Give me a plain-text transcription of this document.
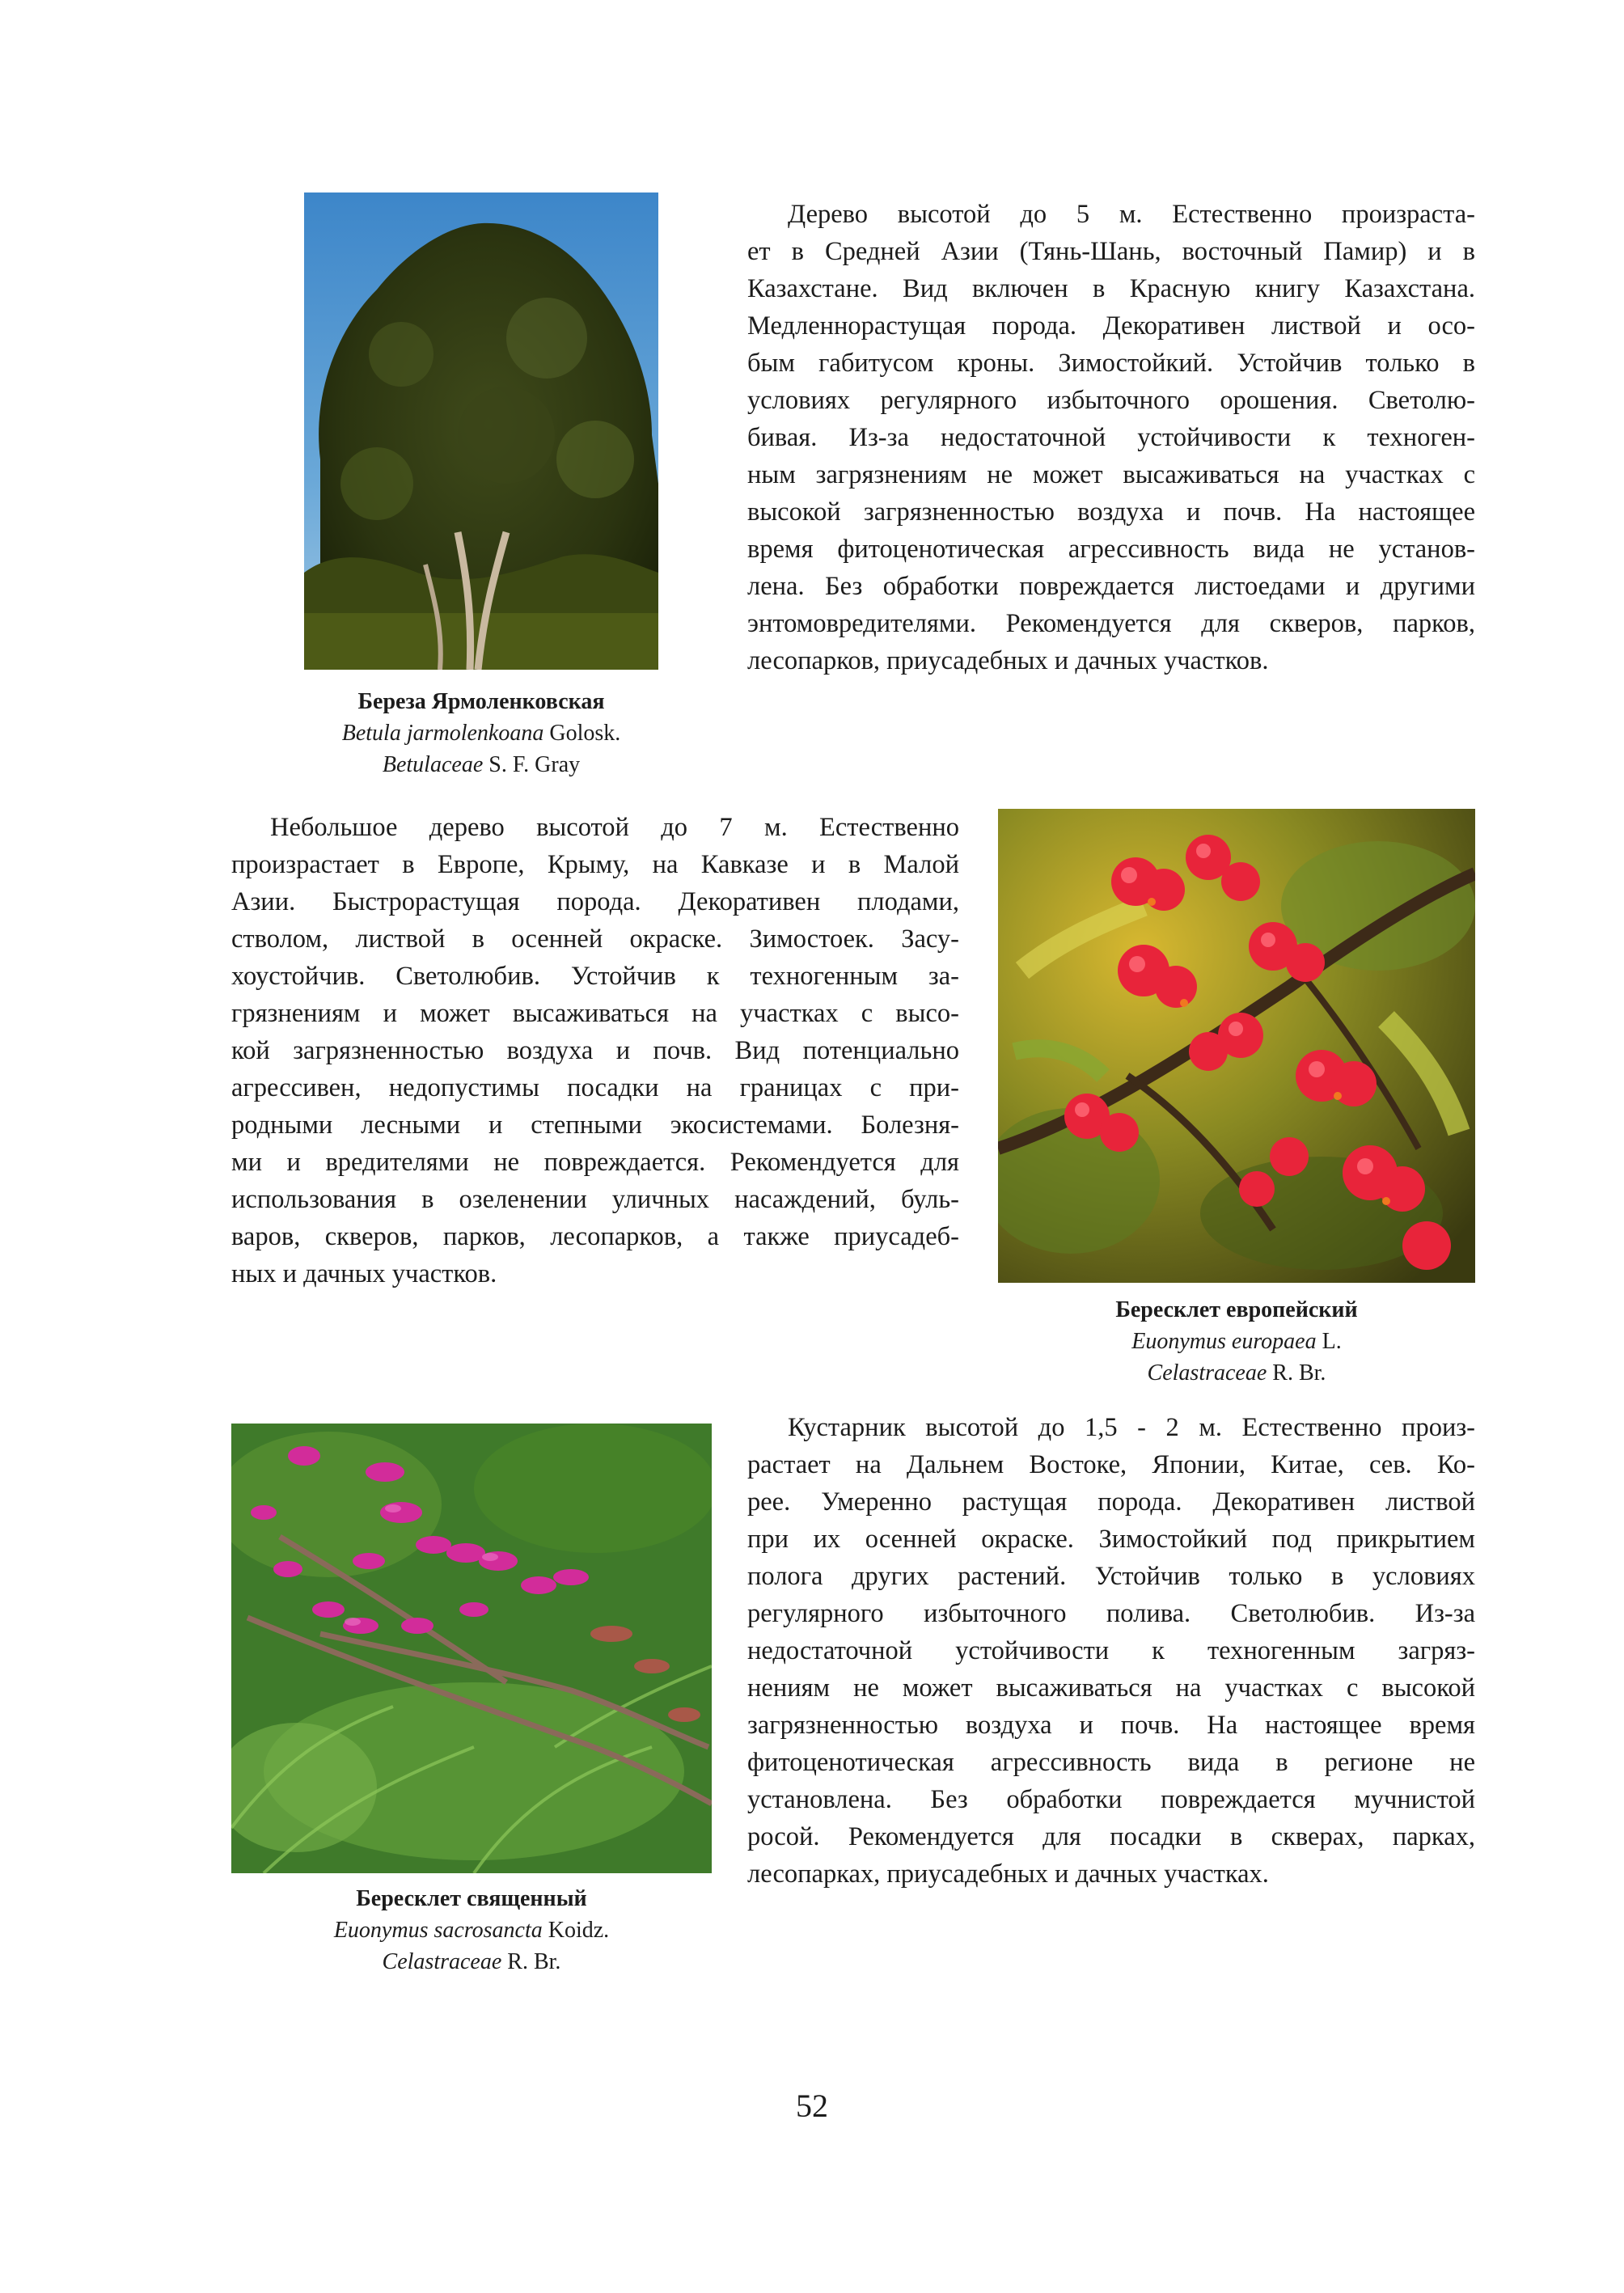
Береза Ярмоленковская
Betula jarmolenkoana Golosk.
Betulaceae S. F. Gray
Дерево высотой до 5 м. Естественно произраста-
ет в Средней Азии (Тянь-Шань, восточный Памир) и в
Казахстане. Вид включен в Красную книгу Казахстана.
Медленнорастущая порода. Декоративен листвой и осо-
бым габитусом кроны. Зимостойкий. Устойчив только в
условиях регулярного избыточного орошения. Светолю-
бивая. Из-за недостаточной устойчивости к техноген-
ным загрязнениям не может высаживаться на участках с
высокой загрязненностью воздуха и почв. На настоящее
время фитоценотическая агрессивность вида не установ-
лена. Без обработки повреждается листоедами и другими
энтомовредителями. Рекомендуется для скверов, парков,
лесопарков, приусадебных и дачных участков.
Небольшое дерево высотой до 7 м. Естественно
произрастает в Европе, Крыму, на Кавказе и в Малой
Азии. Быстрорастущая порода. Декоративен плодами,
стволом, листвой в осенней окраске. Зимостоек. Засу-
хоустойчив. Светолюбив. Устойчив к техногенным за-
грязнениям и может высаживаться на участках с высо-
кой загрязненностью воздуха и почв. Вид потенциально
агрессивен, недопустимы посадки на границах с при-
родными лесными и степными экосистемами. Болезня-
ми и вредителями не повреждается. Рекомендуется для
использования в озеленении уличных насаждений, буль-
варов, скверов, парков, лесопарков, а также приусадеб-
ных и дачных участков.
Бересклет европейский
Euonymus europaea L.
Celastraceae R. Br.
Бересклет священный
Euonymus sacrosancta Koidz.
Celastraceae R. Br.
Кустарник высотой до 1,5 - 2 м. Естественно произ-
растает на Дальнем Востоке, Японии, Китае, сев. Ко-
рее. Умеренно растущая порода. Декоративен листвой
при их осенней окраске. Зимостойкий под прикрытием
полога других растений. Устойчив только в условиях
регулярного избыточного полива. Светолюбив. Из-за
недостаточной устойчивости к техногенным загряз-
нениям не может высаживаться на участках с высокой
загрязненностью воздуха и почв. На настоящее время
фитоценотическая агрессивность вида в регионе не
установлена. Без обработки повреждается мучнистой
росой. Рекомендуется для посадки в скверах, парках,
лесопарках, приусадебных и дачных участках.
52
